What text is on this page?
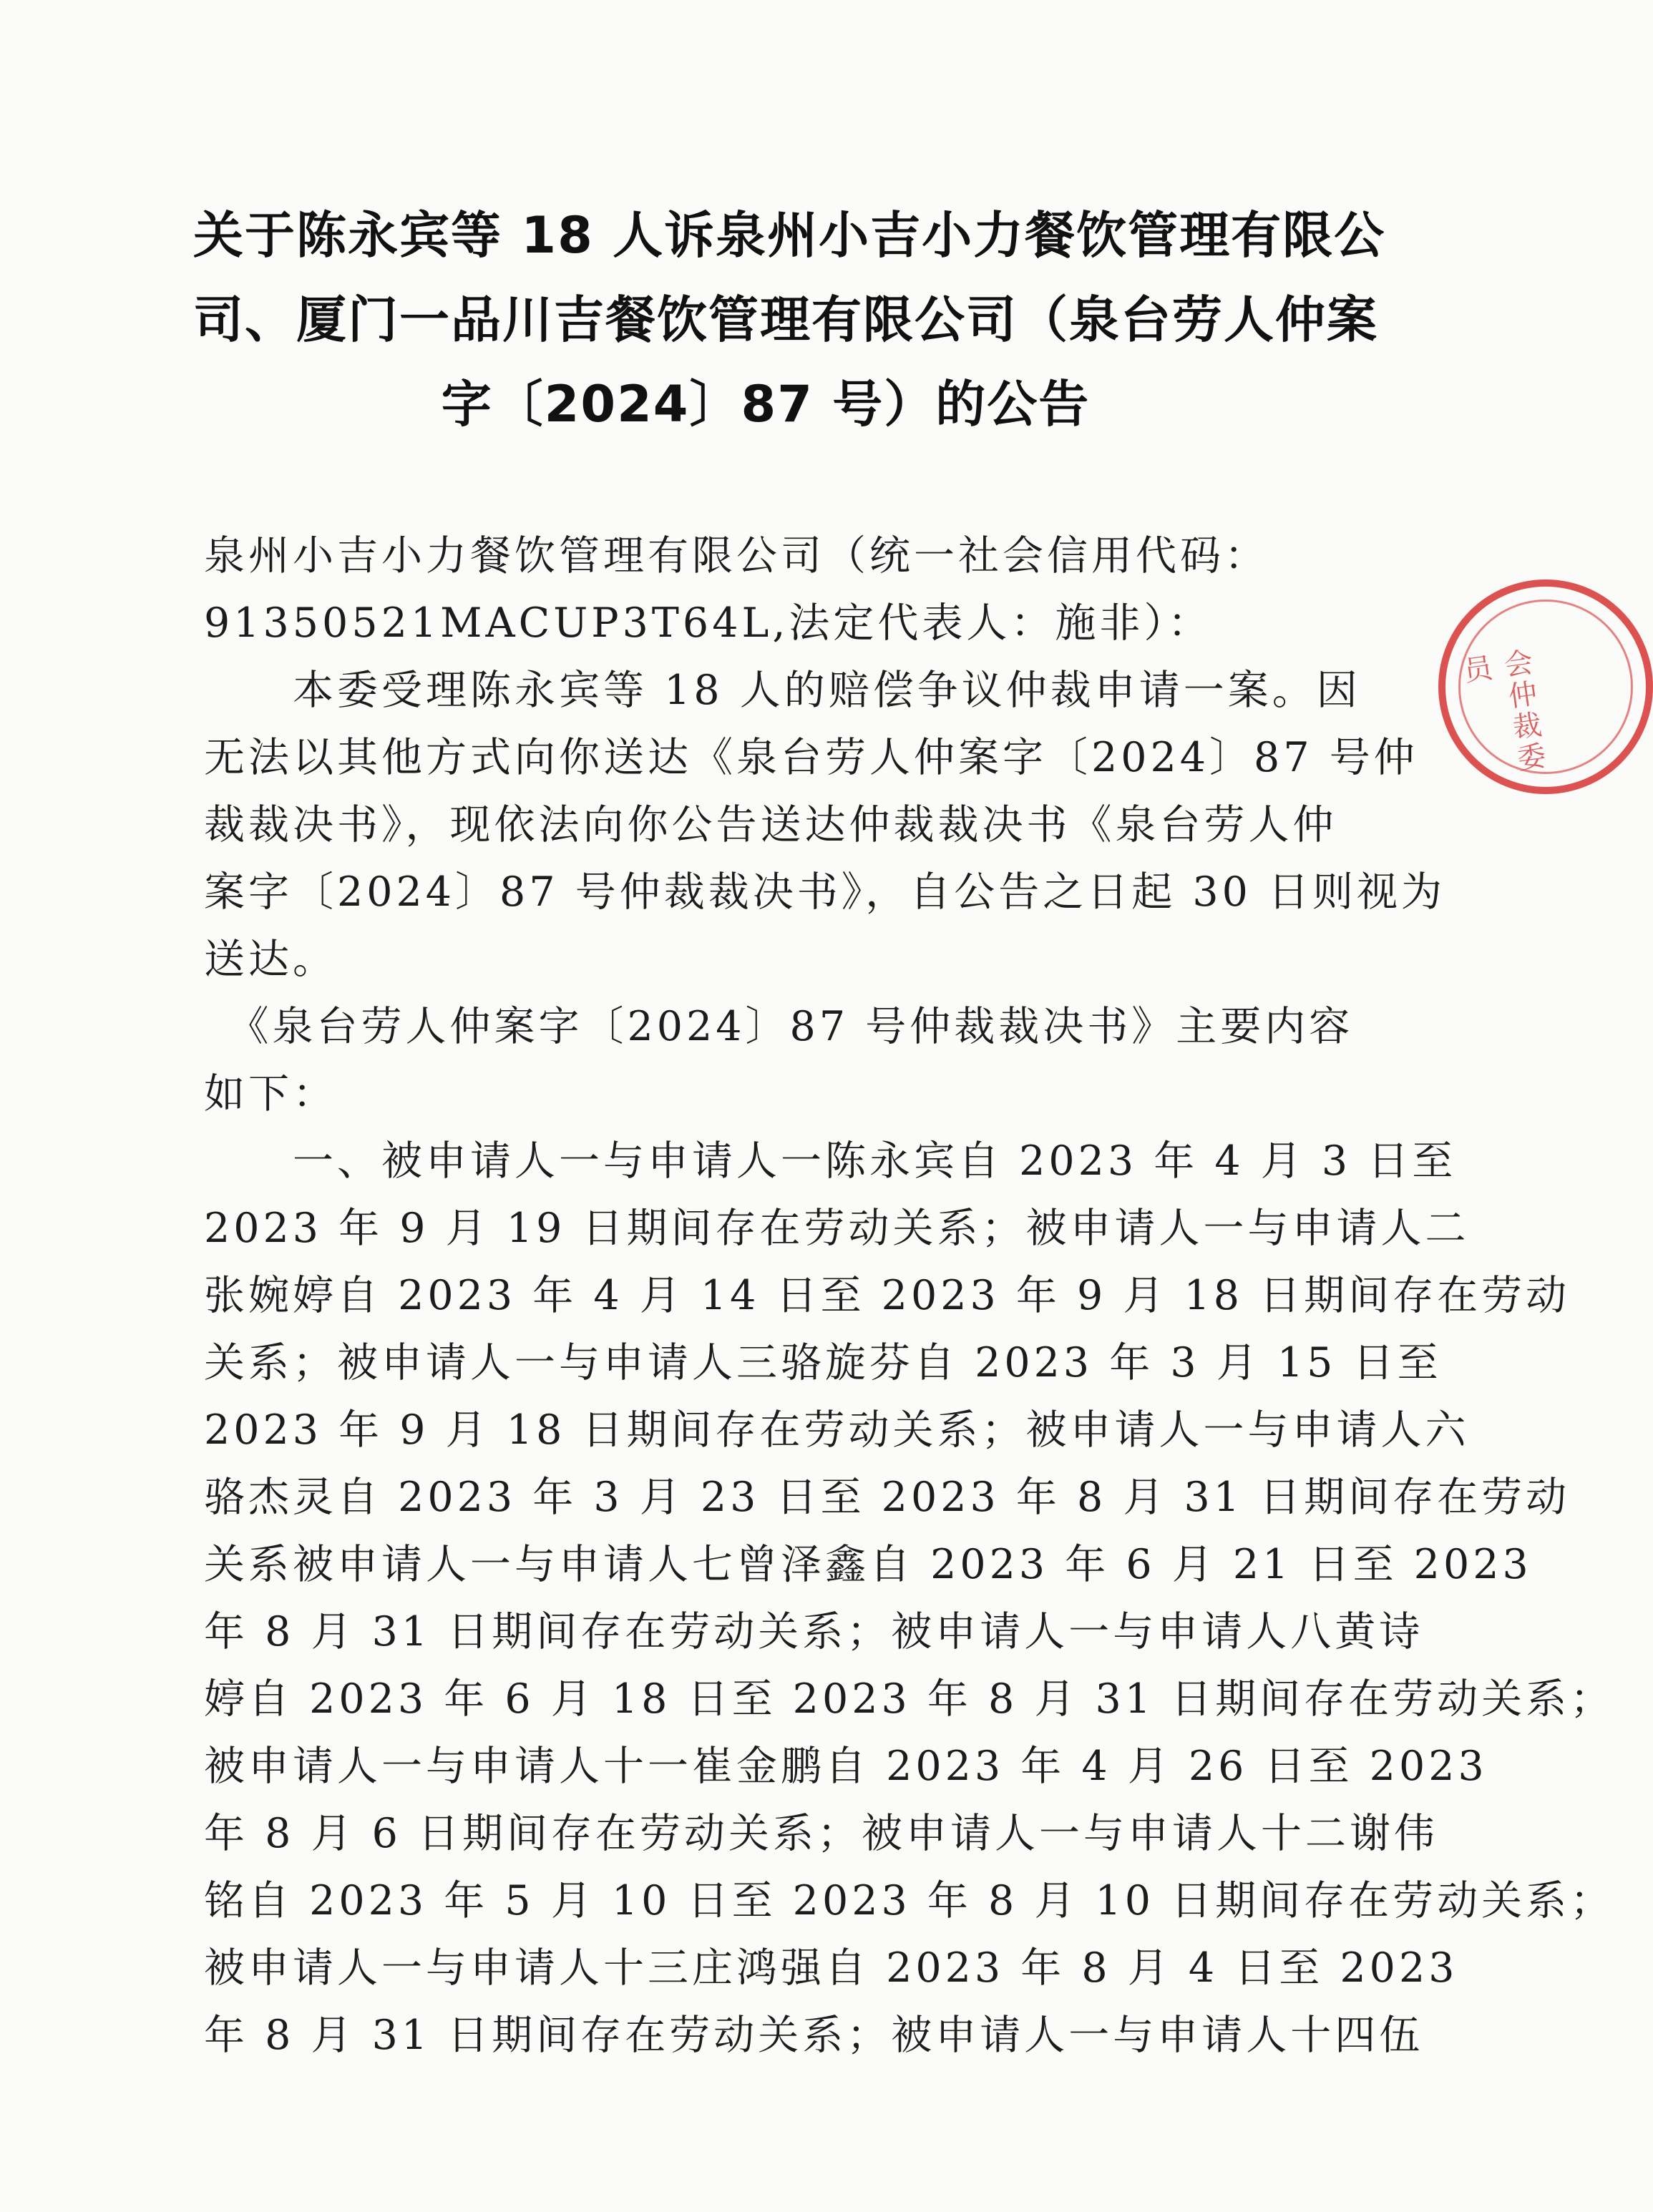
关于陈永宾等 18 人诉泉州小吉小力餐饮管理有限公
司、厦门一品川吉餐饮管理有限公司（泉台劳人仲案
字〔2024〕87 号）的公告
泉州小吉小力餐饮管理有限公司（统一社会信用代码：
91350521MACUP3T64L,法定代表人：施非）：
　　本委受理陈永宾等 18 人的赔偿争议仲裁申请一案。因
无法以其他方式向你送达《泉台劳人仲案字〔2024〕87 号仲
裁裁决书》，现依法向你公告送达仲裁裁决书《泉台劳人仲
案字〔2024〕87 号仲裁裁决书》，自公告之日起 30 日则视为
送达。
　《泉台劳人仲案字〔2024〕87 号仲裁裁决书》主要内容
如下：
　　一、被申请人一与申请人一陈永宾自 2023 年 4 月 3 日至
2023 年 9 月 19 日期间存在劳动关系；被申请人一与申请人二
张婉婷自 2023 年 4 月 14 日至 2023 年 9 月 18 日期间存在劳动
关系；被申请人一与申请人三骆旋芬自 2023 年 3 月 15 日至
2023 年 9 月 18 日期间存在劳动关系；被申请人一与申请人六
骆杰灵自 2023 年 3 月 23 日至 2023 年 8 月 31 日期间存在劳动
关系被申请人一与申请人七曾泽鑫自 2023 年 6 月 21 日至 2023
年 8 月 31 日期间存在劳动关系；被申请人一与申请人八黄诗
婷自 2023 年 6 月 18 日至 2023 年 8 月 31 日期间存在劳动关系；
被申请人一与申请人十一崔金鹏自 2023 年 4 月 26 日至 2023
年 8 月 6 日期间存在劳动关系；被申请人一与申请人十二谢伟
铭自 2023 年 5 月 10 日至 2023 年 8 月 10 日期间存在劳动关系；
被申请人一与申请人十三庄鸿强自 2023 年 8 月 4 日至 2023
年 8 月 31 日期间存在劳动关系；被申请人一与申请人十四伍
会仲裁委员
